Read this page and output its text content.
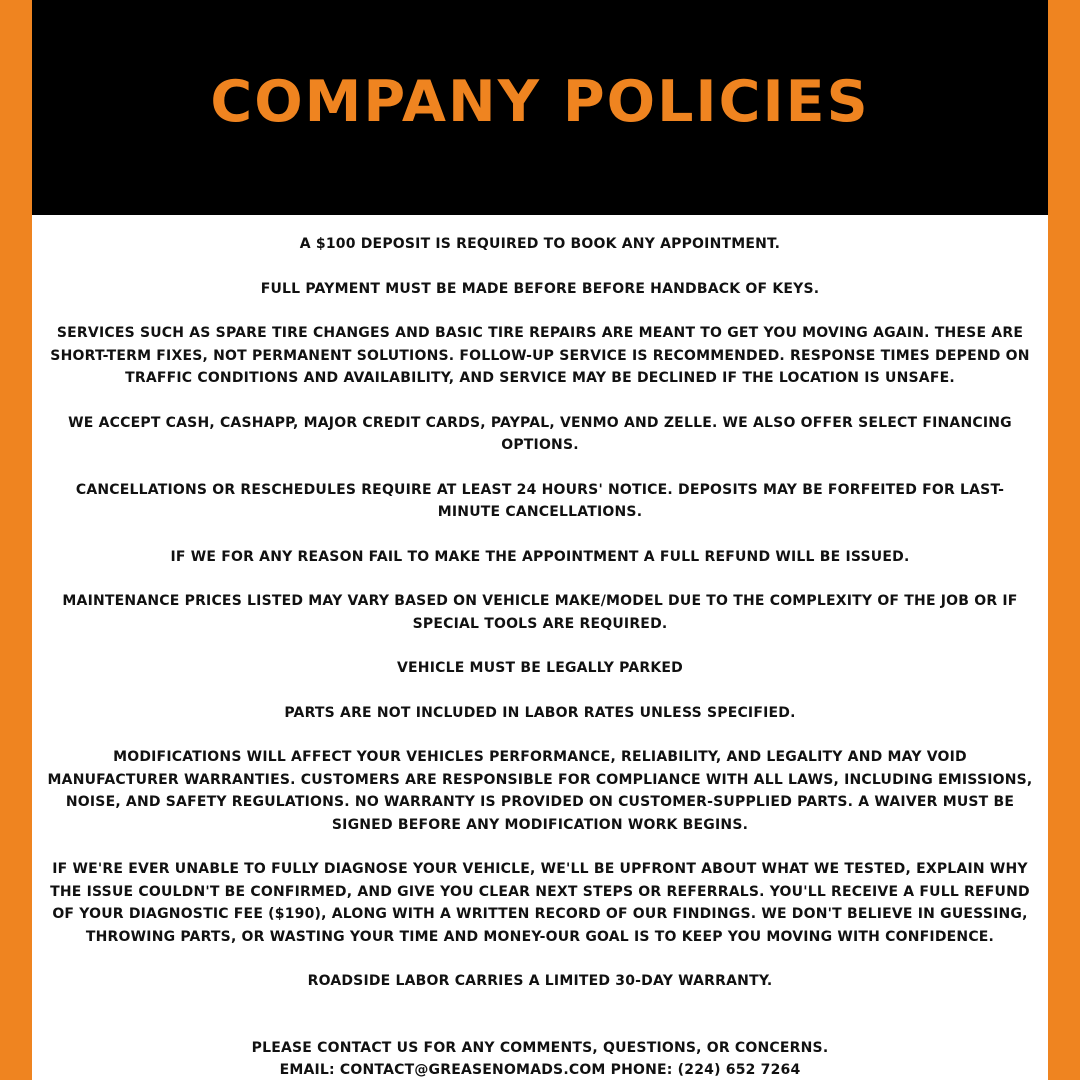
COMPANY POLICIES

A $100 DEPOSIT IS REQUIRED TO BOOK ANY APPOINTMENT.

FULL PAYMENT MUST BE MADE BEFORE BEFORE HANDBACK OF KEYS.

SERVICES SUCH AS SPARE TIRE CHANGES AND BASIC TIRE REPAIRS ARE MEANT TO GET YOU MOVING AGAIN. THESE ARE SHORT-TERM FIXES, NOT PERMANENT SOLUTIONS. FOLLOW-UP SERVICE IS RECOMMENDED. RESPONSE TIMES DEPEND ON TRAFFIC CONDITIONS AND AVAILABILITY, AND SERVICE MAY BE DECLINED IF THE LOCATION IS UNSAFE.

WE ACCEPT CASH, CASHAPP, MAJOR CREDIT CARDS, PAYPAL, VENMO AND ZELLE. WE ALSO OFFER SELECT FINANCING OPTIONS.

CANCELLATIONS OR RESCHEDULES REQUIRE AT LEAST 24 HOURS' NOTICE. DEPOSITS MAY BE FORFEITED FOR LAST-MINUTE CANCELLATIONS.

IF WE FOR ANY REASON FAIL TO MAKE THE APPOINTMENT A FULL REFUND WILL BE ISSUED.

MAINTENANCE PRICES LISTED MAY VARY BASED ON VEHICLE MAKE/MODEL DUE TO THE COMPLEXITY OF THE JOB OR IF SPECIAL TOOLS ARE REQUIRED.

VEHICLE MUST BE LEGALLY PARKED

PARTS ARE NOT INCLUDED IN LABOR RATES UNLESS SPECIFIED.

MODIFICATIONS WILL AFFECT YOUR VEHICLES PERFORMANCE, RELIABILITY, AND LEGALITY AND MAY VOID MANUFACTURER WARRANTIES. CUSTOMERS ARE RESPONSIBLE FOR COMPLIANCE WITH ALL LAWS, INCLUDING EMISSIONS, NOISE, AND SAFETY REGULATIONS. NO WARRANTY IS PROVIDED ON CUSTOMER-SUPPLIED PARTS. A WAIVER MUST BE SIGNED BEFORE ANY MODIFICATION WORK BEGINS.

IF WE'RE EVER UNABLE TO FULLY DIAGNOSE YOUR VEHICLE, WE'LL BE UPFRONT ABOUT WHAT WE TESTED, EXPLAIN WHY THE ISSUE COULDN'T BE CONFIRMED, AND GIVE YOU CLEAR NEXT STEPS OR REFERRALS. YOU'LL RECEIVE A FULL REFUND OF YOUR DIAGNOSTIC FEE ($190), ALONG WITH A WRITTEN RECORD OF OUR FINDINGS. WE DON'T BELIEVE IN GUESSING, THROWING PARTS, OR WASTING YOUR TIME AND MONEY-OUR GOAL IS TO KEEP YOU MOVING WITH CONFIDENCE.

ROADSIDE LABOR CARRIES A LIMITED 30-DAY WARRANTY.

PLEASE CONTACT US FOR ANY COMMENTS, QUESTIONS, OR CONCERNS.
EMAIL: CONTACT@GREASENOMADS.COM PHONE: (224) 652 7264
